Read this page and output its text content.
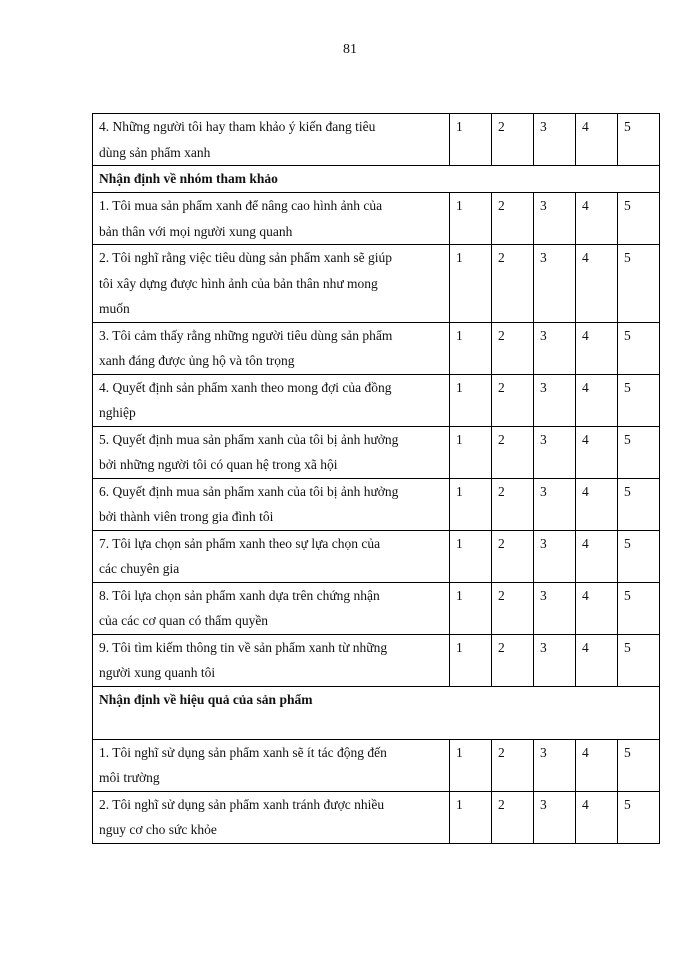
81
4. Những người tôi hay tham khảo ý kiến đang tiêu
dùng sản phẩm xanh	1	2	3	4	5
Nhận định về nhóm tham khảo					

1. Tôi mua sản phẩm xanh để nâng cao hình ảnh của
bản thân với mọi người xung quanh	1	2	3	4	5

2. Tôi nghĩ rằng việc tiêu dùng sản phẩm xanh sẽ giúp
tôi xây dựng được hình ảnh của bản thân như mong
muốn	1	2	3	4	5

3. Tôi cảm thấy rằng những người tiêu dùng sản phẩm
xanh đáng được ủng hộ và tôn trọng	1	2	3	4	5

4. Quyết định sản phẩm xanh theo mong đợi của đồng
nghiệp	1	2	3	4	5

5. Quyết định mua sản phẩm xanh của tôi bị ảnh hưởng
bởi những người tôi có quan hệ trong xã hội	1	2	3	4	5

6. Quyết định mua sản phẩm xanh của tôi bị ảnh hưởng
bởi thành viên trong gia đình tôi	1	2	3	4	5

7. Tôi lựa chọn sản phẩm xanh theo sự lựa chọn của
các chuyên gia	1	2	3	4	5

8. Tôi lựa chọn sản phẩm xanh dựa trên chứng nhận
của các cơ quan có thẩm quyền	1	2	3	4	5

9. Tôi tìm kiếm thông tin về sản phẩm xanh từ những
người xung quanh tôi	1	2	3	4	5
Nhận định về hiệu quả của sản phẩm					

1. Tôi nghĩ sử dụng sản phẩm xanh sẽ ít tác động đến
môi trường	1	2	3	4	5

2. Tôi nghĩ sử dụng sản phẩm xanh tránh được nhiều
nguy cơ cho sức khỏe	1	2	3	4	5
